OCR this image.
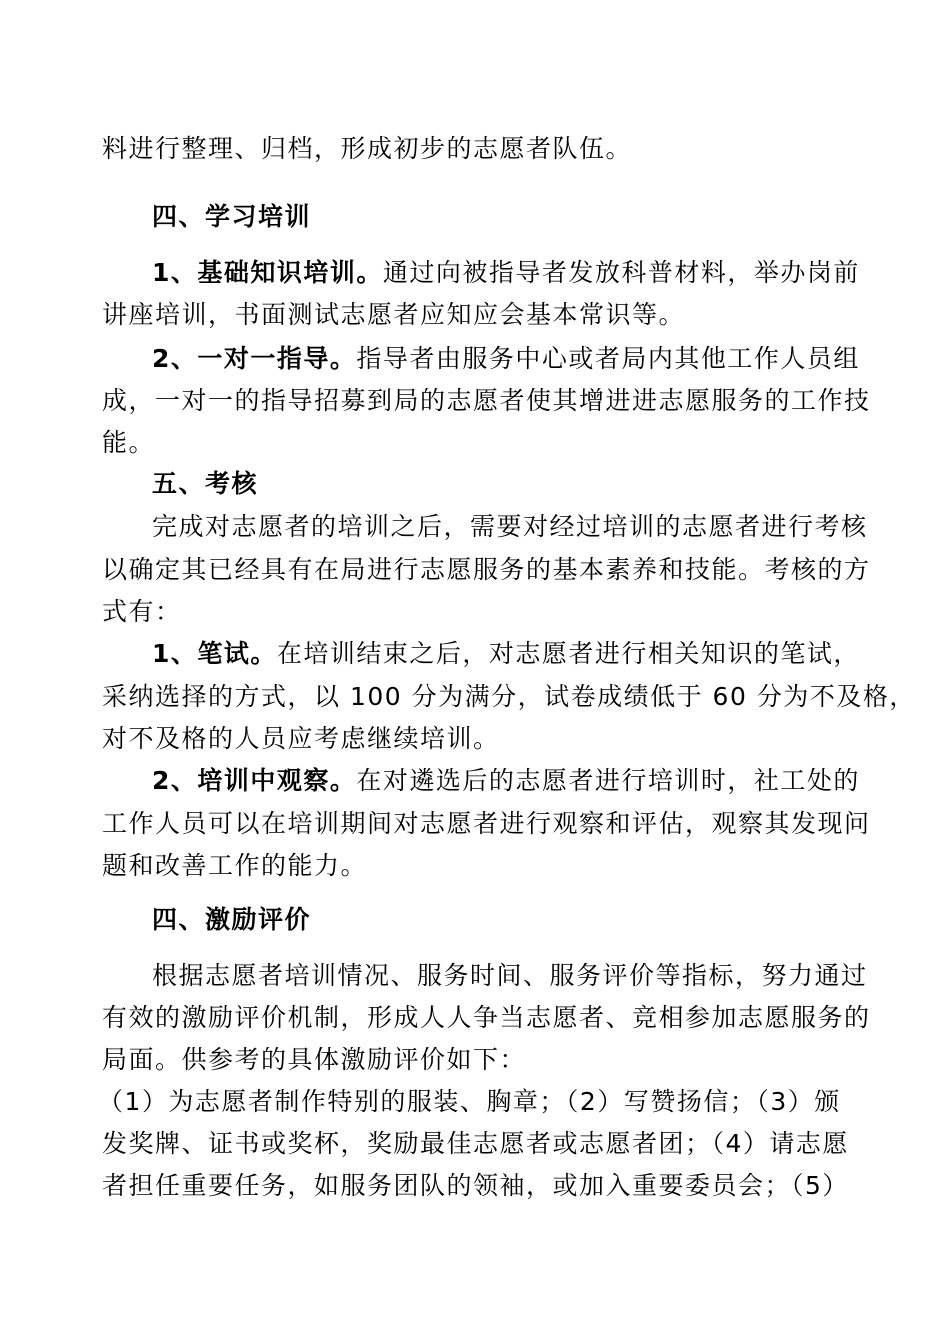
料进行整理、归档，形成初步的志愿者队伍。
四、学习培训
1、基础知识培训。通过向被指导者发放科普材料，举办岗前
讲座培训，书面测试志愿者应知应会基本常识等。
2、一对一指导。指导者由服务中心或者局内其他工作人员组
成，一对一的指导招募到局的志愿者使其增进进志愿服务的工作技
能。
五、考核
完成对志愿者的培训之后，需要对经过培训的志愿者进行考核
以确定其已经具有在局进行志愿服务的基本素养和技能。考核的方
式有：
1、笔试。在培训结束之后，对志愿者进行相关知识的笔试，
采纳选择的方式，以 100 分为满分，试卷成绩低于 60 分为不及格，
对不及格的人员应考虑继续培训。
2、培训中观察。在对遴选后的志愿者进行培训时，社工处的
工作人员可以在培训期间对志愿者进行观察和评估，观察其发现问
题和改善工作的能力。
四、激励评价
根据志愿者培训情况、服务时间、服务评价等指标，努力通过
有效的激励评价机制，形成人人争当志愿者、竞相参加志愿服务的
局面。供参考的具体激励评价如下：
（1）为志愿者制作特别的服装、胸章；（2）写赞扬信；（3）颁
发奖牌、证书或奖杯，奖励最佳志愿者或志愿者团；（4）请志愿
者担任重要任务，如服务团队的领袖，或加入重要委员会；（5）
